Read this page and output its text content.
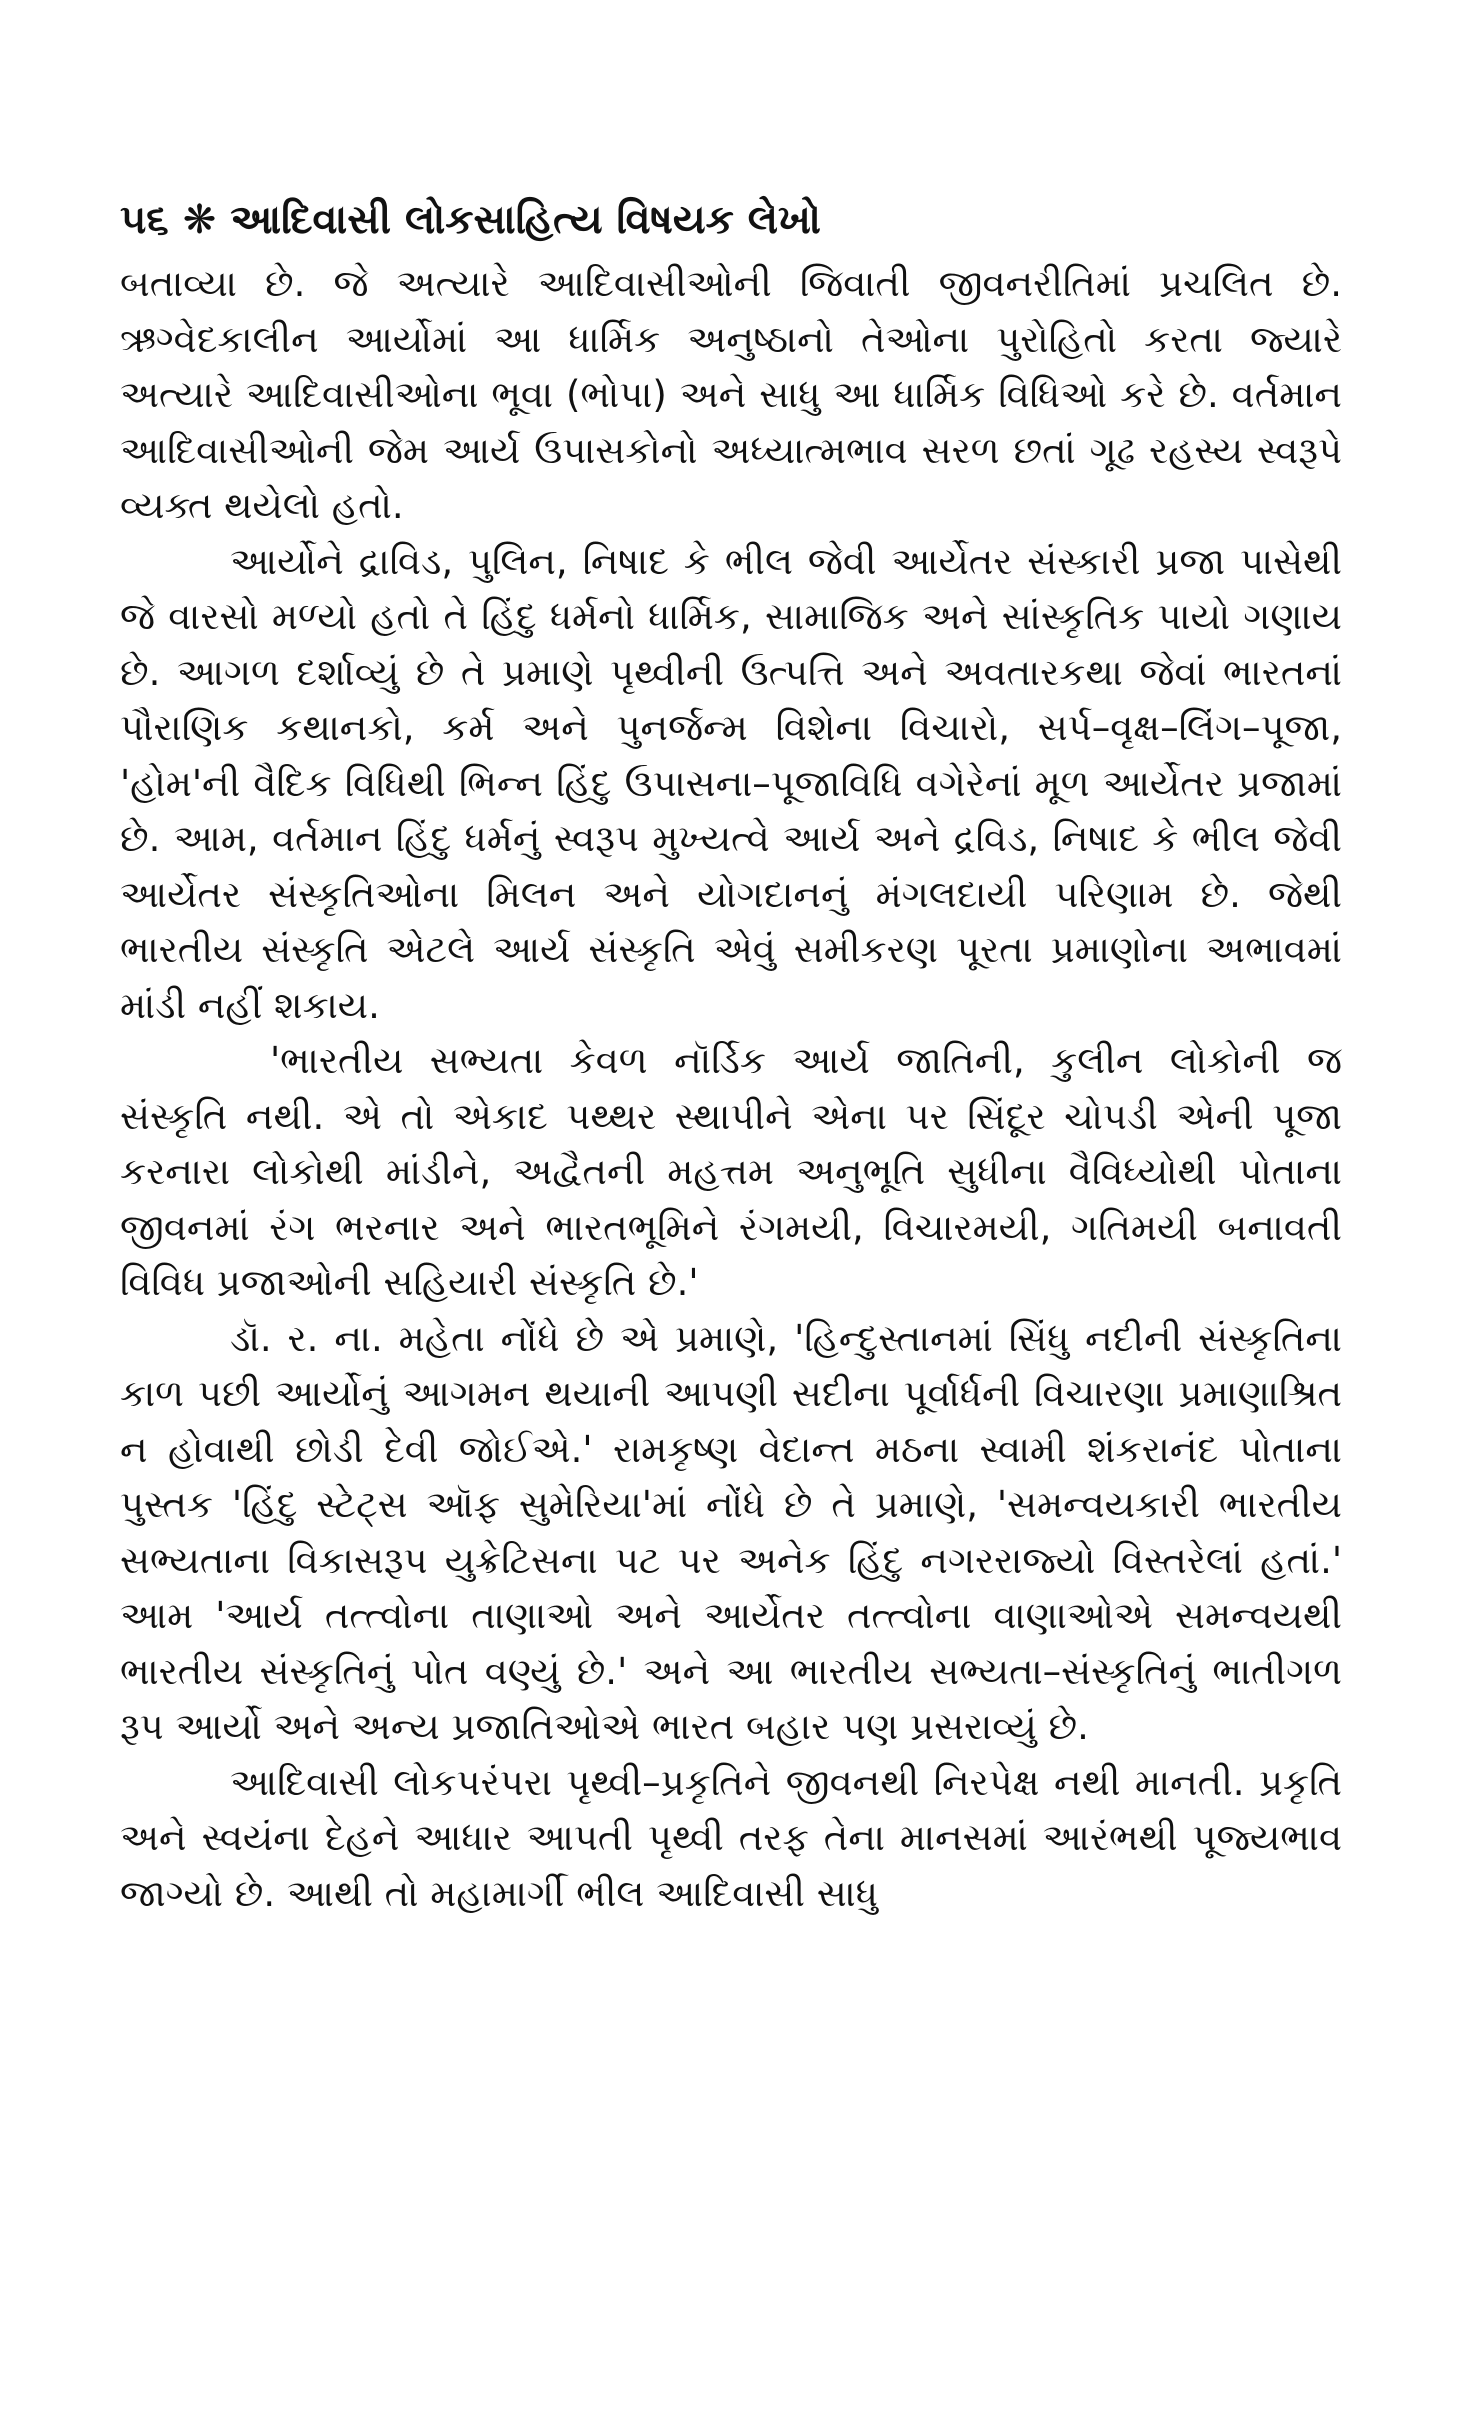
૫૬ ❋ આદિવાસી લોકસાહિત્ય વિષયક લેખો

બતાવ્યા છે. જે અત્યારે આદિવાસીઓની જિવાતી જીવનરીતિમાં પ્રચલિત છે. ઋગ્વેદકાલીન આર્યોમાં આ ધાર્મિક અનુષ્ઠાનો તેઓના પુરોહિતો કરતા જ્યારે અત્યારે આદિવાસીઓના ભૂવા (ભોપા) અને સાધુ આ ધાર્મિક વિધિઓ કરે છે. વર્તમાન આદિવાસીઓની જેમ આર્ય ઉપાસકોનો અધ્યાત્મભાવ સરળ છતાં ગૂઢ રહસ્ય સ્વરૂપે વ્યક્ત થયેલો હતો.

આર્યોને દ્રાવિડ, પુલિન, નિષાદ કે ભીલ જેવી આર્યેતર સંસ્કારી પ્રજા પાસેથી જે વારસો મળ્યો હતો તે હિંદુ ધર્મનો ધાર્મિક, સામાજિક અને સાંસ્કૃતિક પાયો ગણાય છે. આગળ દર્શાવ્યું છે તે પ્રમાણે પૃથ્વીની ઉત્પત્તિ અને અવતારકથા જેવાં ભારતનાં પૌરાણિક કથાનકો, કર્મ અને પુનર્જન્મ વિશેના વિચારો, સર્પ–વૃક્ષ–લિંગ–પૂજા, 'હોમ'ની વૈદિક વિધિથી ભિન્ન હિંદુ ઉપાસના–પૂજાવિધિ વગેરેનાં મૂળ આર્યેતર પ્રજામાં છે. આમ, વર્તમાન હિંદુ ધર્મનું સ્વરૂપ મુખ્યત્વે આર્ય અને દ્રવિડ, નિષાદ કે ભીલ જેવી આર્યેતર સંસ્કૃતિઓના મિલન અને યોગદાનનું મંગલદાયી પરિણામ છે. જેથી ભારતીય સંસ્કૃતિ એટલે આર્ય સંસ્કૃતિ એવું સમીકરણ પૂરતા પ્રમાણોના અભાવમાં માંડી નહીં શકાય.

'ભારતીય સભ્યતા કેવળ નૉર્ડિક આર્ય જાતિની, કુલીન લોકોની જ સંસ્કૃતિ નથી. એ તો એકાદ પથ્થર સ્થાપીને એના પર સિંદૂર ચોપડી એની પૂજા કરનારા લોકોથી માંડીને, અદ્વૈતની મહત્તમ અનુભૂતિ સુધીના વૈવિધ્યોથી પોતાના જીવનમાં રંગ ભરનાર અને ભારતભૂમિને રંગમયી, વિચારમયી, ગતિમયી બનાવતી વિવિધ પ્રજાઓની સહિયારી સંસ્કૃતિ છે.'

ડૉ. ર. ના. મહેતા નોંધે છે એ પ્રમાણે, 'હિન્દુસ્તાનમાં સિંધુ નદીની સંસ્કૃતિના કાળ પછી આર્યોનું આગમન થયાની આપણી સદીના પૂર્વાર્ધની વિચારણા પ્રમાણાશ્રિત ન હોવાથી છોડી દેવી જોઈએ.' રામકૃષ્ણ વેદાન્ત મઠના સ્વામી શંકરાનંદ પોતાના પુસ્તક 'હિંદુ સ્ટેટ્સ ઑફ સુમેરિયા'માં નોંધે છે તે પ્રમાણે, 'સમન્વયકારી ભારતીય સભ્યતાના વિકાસરૂપ યુક્રેટિસના પટ પર અનેક હિંદુ નગરરાજ્યો વિસ્તરેલાં હતાં.' આમ 'આર્ય તત્ત્વોના તાણાઓ અને આર્યેતર તત્ત્વોના વાણાઓએ સમન્વયથી ભારતીય સંસ્કૃતિનું પોત વણ્યું છે.' અને આ ભારતીય સભ્યતા–સંસ્કૃતિનું ભાતીગળ રૂપ આર્યો અને અન્ય પ્રજાતિઓએ ભારત બહાર પણ પ્રસરાવ્યું છે.

આદિવાસી લોકપરંપરા પૃથ્વી–પ્રકૃતિને જીવનથી નિરપેક્ષ નથી માનતી. પ્રકૃતિ અને સ્વયંના દેહને આધાર આપતી પૃથ્વી તરફ તેના માનસમાં આરંભથી પૂજ્યભાવ જાગ્યો છે. આથી તો મહામાર્ગી ભીલ આદિવાસી સાધુ
